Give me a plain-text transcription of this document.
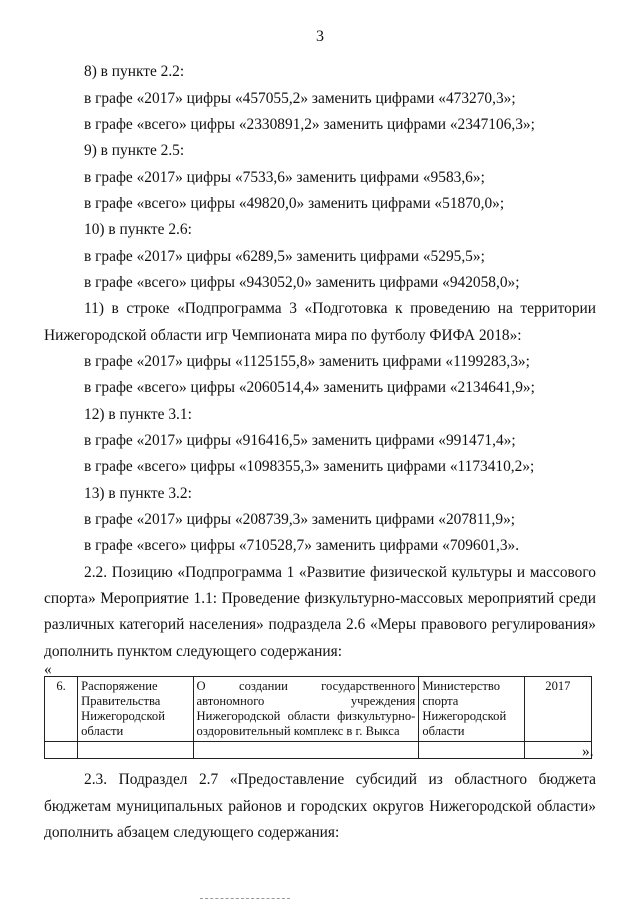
3

8) в пункте 2.2:

в графе «2017» цифры «457055,2» заменить цифрами «473270,3»;

в графе «всего» цифры «2330891,2» заменить цифрами «2347106,3»;

9) в пункте 2.5:

в графе «2017» цифры «7533,6» заменить цифрами «9583,6»;

в графе «всего» цифры «49820,0» заменить цифрами «51870,0»;

10) в пункте 2.6:

в графе «2017» цифры «6289,5» заменить цифрами «5295,5»;

в графе «всего» цифры «943052,0» заменить цифрами «942058,0»;

11) в строке «Подпрограмма 3 «Подготовка к проведению на территории

Нижегородской области игр Чемпионата мира по футболу ФИФА 2018»:

в графе «2017» цифры «1125155,8» заменить цифрами «1199283,3»;

в графе «всего» цифры «2060514,4» заменить цифрами «2134641,9»;

12) в пункте 3.1:

в графе «2017» цифры «916416,5» заменить цифрами «991471,4»;

в графе «всего» цифры «1098355,3» заменить цифрами «1173410,2»;

13) в пункте 3.2:

в графе «2017» цифры «208739,3» заменить цифрами «207811,9»;

в графе «всего» цифры «710528,7» заменить цифрами «709601,3».

2.2. Позицию «Подпрограмма 1 «Развитие физической культуры и массового

спорта» Мероприятие 1.1: Проведение физкультурно-массовых мероприятий среди

различных категорий населения» подраздела 2.6 «Меры правового регулирования»

дополнить пунктом следующего содержания:

«
6.	Распоряжение Правительства Нижегородской области	О создании государственного автономного учреждения Нижегородской области физкультурно-оздоровительный комплекс в г. Выкса	Министерство спорта Нижегородской области	2017

».

2.3. Подраздел 2.7 «Предоставление субсидий из областного бюджета

бюджетам муниципальных районов и городских округов Нижегородской области»

дополнить абзацем следующего содержания:
